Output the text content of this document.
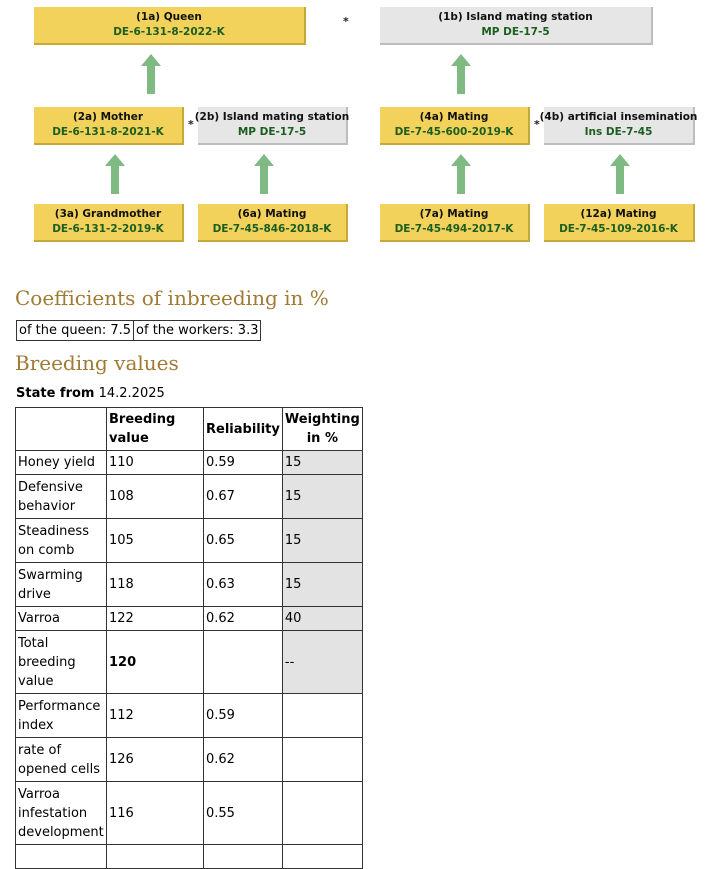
(1a) Queen
DE-6-131-8-2022-K
*	(1b) Island mating station
MP DE-17-5
(2a) Mother
DE-6-131-8-2021-K
*
(2b) Island mating station
MP DE-17-5
(4a) Mating
DE-7-45-600-2019-K
*
(4b) artificial insemination
Ins DE-7-45
(3a) Grandmother
DE-6-131-2-2019-K
(6a) Mating
DE-7-45-846-2018-K
(7a) Mating
DE-7-45-494-2017-K
(12a) Mating
DE-7-45-109-2016-K
Coefficients of inbreeding in %
of the queen: 7.5	of the workers: 3.3
Breeding values
State from 14.2.2025
	Breeding value	Reliability	Weighting in %
Honey yield	110	0.59	15
Defensive behavior	108	0.67	15
Steadiness on comb	105	0.65	15
Swarming drive	118	0.63	15
Varroa	122	0.62	40
Total breeding value	120		--
Performance index	112	0.59	
rate of opened cells	126	0.62	
Varroa infestation development	116	0.55	
